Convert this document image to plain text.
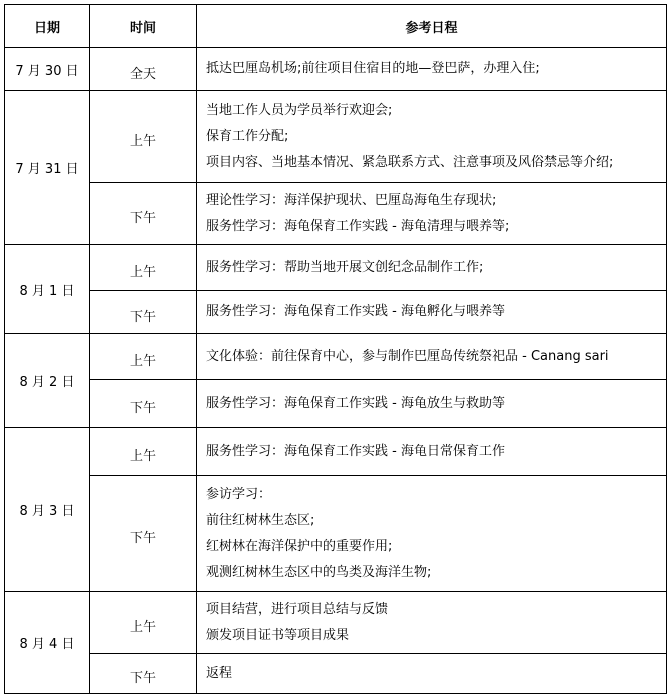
日期	时间	参考日程
7 月 30 日	全天	抵达巴厘岛机场;前往项目住宿目的地—登巴萨，办理入住;

7 月 31 日	上午	当地工作人员为学员举行欢迎会;
保育工作分配;
项目内容、当地基本情况、紧急联系方式、注意事项及风俗禁忌等介绍;

	下午	理论性学习：海洋保护现状、巴厘岛海龟生存现状;
服务性学习：海龟保育工作实践 - 海龟清理与喂养等;

8 月 1 日	上午	服务性学习：帮助当地开展文创纪念品制作工作;

	下午	服务性学习：海龟保育工作实践 - 海龟孵化与喂养等

8 月 2 日	上午	文化体验：前往保育中心，参与制作巴厘岛传统祭祀品 - Canang sari

	下午	服务性学习：海龟保育工作实践 - 海龟放生与救助等

8 月 3 日	上午	服务性学习：海龟保育工作实践 - 海龟日常保育工作

	下午	参访学习：
前往红树林生态区;
红树林在海洋保护中的重要作用;
观测红树林生态区中的鸟类及海洋生物;

8 月 4 日	上午	项目结营，进行项目总结与反馈
颁发项目证书等项目成果

	下午	返程
